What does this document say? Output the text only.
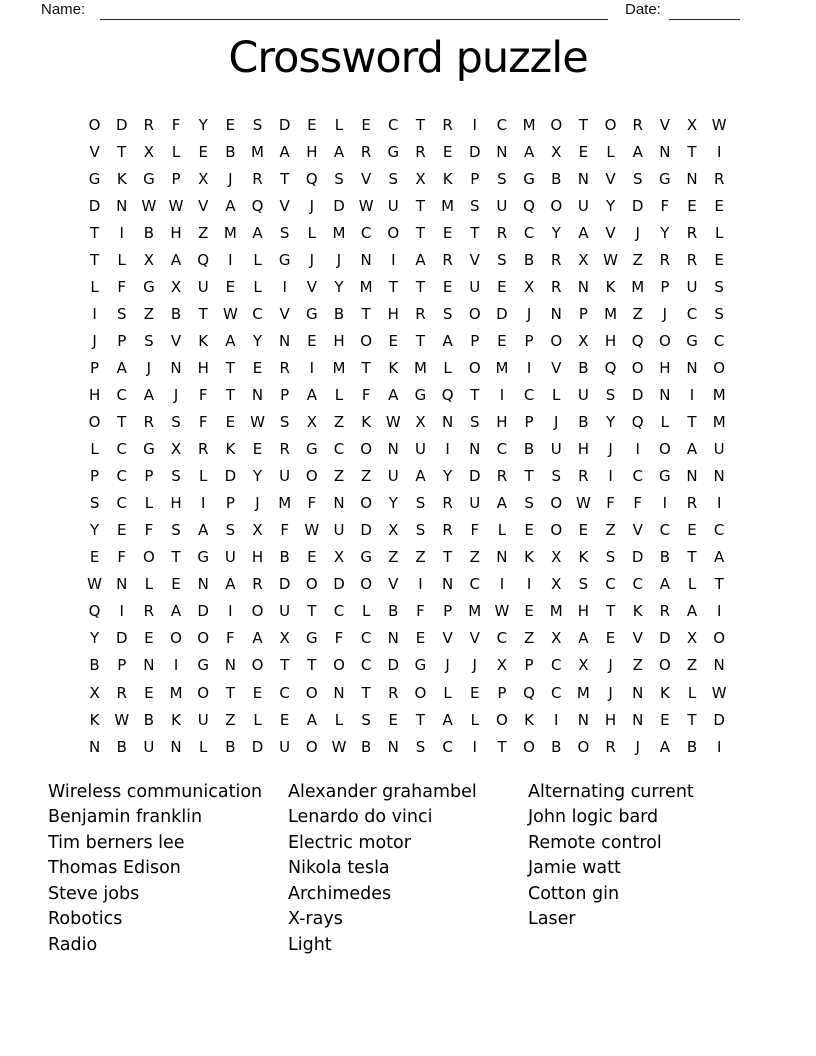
Name:	Date:
Crossword puzzle
O	D	R	F	Y	E	S	D	E	L	E	C	T	R	I	C	M O	T	O	R	V	X W
V	T	X	L	E	B	M	A	H	A	R	G	R	E	D	N	A	X	E	L	A	N	T	I
G	K	G	P	X	J	R	T	Q	S	V	S	X	K	P	S	G	B	N	V	S	G	N	R
D	N W W V	A	Q	V	J	D W U	T	M	S	U	Q	O	U	Y	D	F	E	E
T	I	B	H	Z	M	A	S	L	M	C	O	T	E	T	R	C	Y	A	V	J	Y	R	L
T	L	X	A	Q	I	L	G	J	J	N	I	A	R	V	S	B	R	X W Z	R	R	E
L	F	G	X	U	E	L	I	V	Y	M	T	T	E	U	E	X	R	N	K	M	P	U	S
I	S	Z	B	T	W C	V	G	B	T	H	R	S	O	D	J	N	P	M	Z	J	C	S
J	P	S	V	K	A	Y	N	E	H	O	E	T	A	P	E	P	O	X	H	Q	O	G	C
P	A	J	N	H	T	E	R	I	M	T	K	M	L	O M	I	V	B	Q	O	H	N	O
H	C	A	J	F	T	N	P	A	L	F	A	G	Q	T	I	C	L	U	S	D	N	I	M
O	T	R	S	F	E	W S	X	Z	K W X	N	S	H	P	J	B	Y	Q	L	T	M
L	C	G	X	R	K	E	R	G	C	O	N	U	I	N	C	B	U	H	J	I	O	A	U
P	C	P	S	L	D	Y	U	O	Z	Z	U	A	Y	D	R	T	S	R	I	C	G	N	N
S	C	L	H	I	P	J	M	F	N	O	Y	S	R	U	A	S	O W	F	F	I	R	I
Y	E	F	S	A	S	X	F	W U	D	X	S	R	F	L	E	O	E	Z	V	C	E	C
E	F	O	T	G	U	H	B	E	X	G	Z	Z	T	Z	N	K	X	K	S	D	B	T	A
W N	L	E	N	A	R	D	O	D	O	V	I	N	C	I	I	X	S	C	C	A	L	T
Q	I	R	A	D	I	O	U	T	C	L	B	F	P	M W E	M	H	T	K	R	A	I
Y	D	E	O	O	F	A	X	G	F	C	N	E	V	V	C	Z	X	A	E	V	D	X	O
B	P	N	I	G	N	O	T	T	O	C	D	G	J	J	X	P	C	X	J	Z	O	Z	N
X	R	E	M O	T	E	C	O	N	T	R	O	L	E	P	Q	C	M	J	N	K	L	W
K W B	K	U	Z	L	E	A	L	S	E	T	A	L	O	K	I	N	H	N	E	T	D
N	B	U	N	L	B	D	U	O W B	N	S	C	I	T	O	B	O	R	J	A	B	I
Wireless communication
Benjamin franklin
Tim berners lee
Thomas Edison
Steve jobs
Robotics
Radio
Alexander grahambel
Lenardo do vinci
Electric motor
Nikola tesla
Archimedes
X-rays
Light
Alternating current
John logic bard
Remote control
Jamie watt
Cotton gin
Laser
